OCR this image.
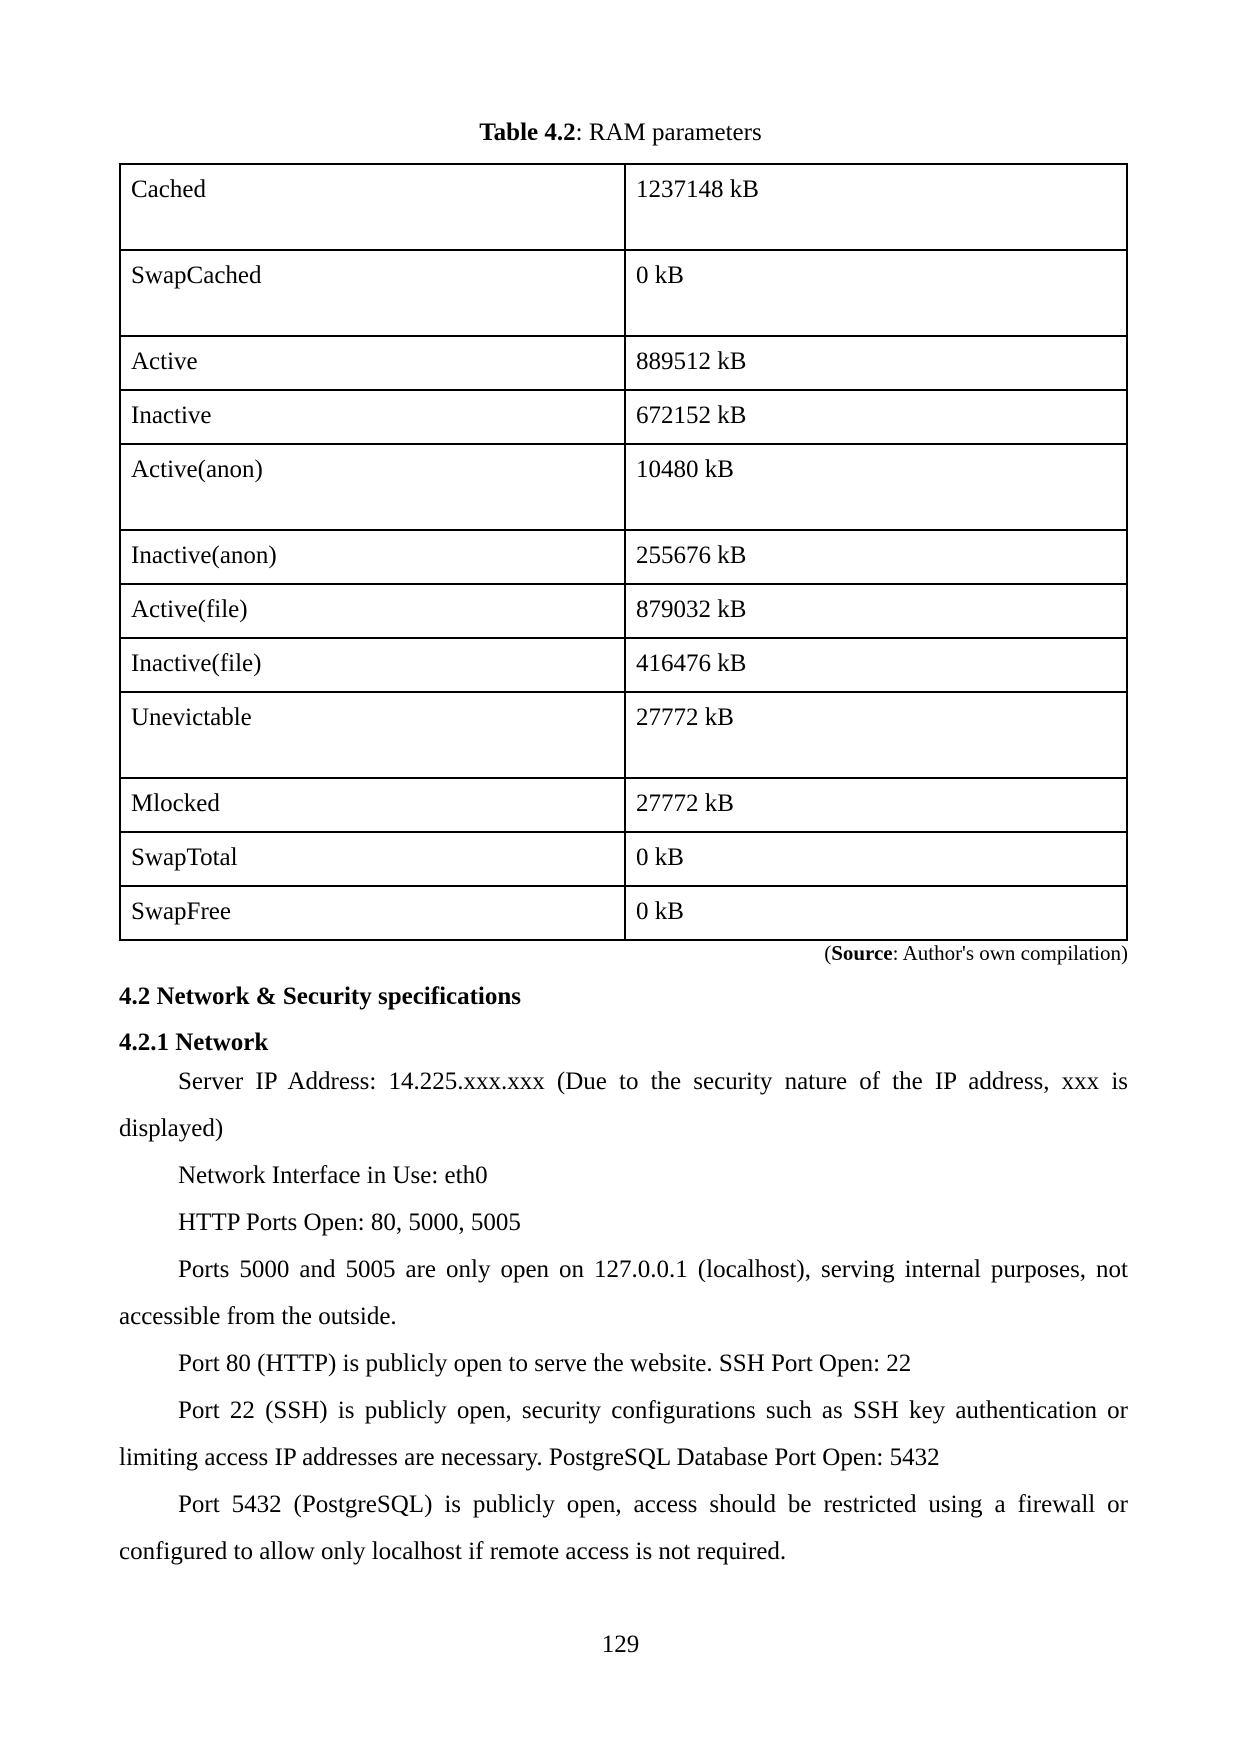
Table 4.2: RAM parameters
Cached	1237148 kB
SwapCached	0 kB
Active	889512 kB
Inactive	672152 kB
Active(anon)	10480 kB
Inactive(anon)	255676 kB
Active(file)	879032 kB
Inactive(file)	416476 kB
Unevictable	27772 kB
Mlocked	27772 kB
SwapTotal	0 kB
SwapFree	0 kB
(Source: Author's own compilation)
4.2 Network & Security specifications
4.2.1 Network

Server IP Address: 14.225.xxx.xxx (Due to the security nature of the IP address, xxx is displayed)

Network Interface in Use: eth0

HTTP Ports Open: 80, 5000, 5005

Ports 5000 and 5005 are only open on 127.0.0.1 (localhost), serving internal purposes, not accessible from the outside.

Port 80 (HTTP) is publicly open to serve the website. SSH Port Open: 22

Port 22 (SSH) is publicly open, security configurations such as SSH key authentication or limiting access IP addresses are necessary. PostgreSQL Database Port Open: 5432

Port 5432 (PostgreSQL) is publicly open, access should be restricted using a firewall or configured to allow only localhost if remote access is not required.

129
